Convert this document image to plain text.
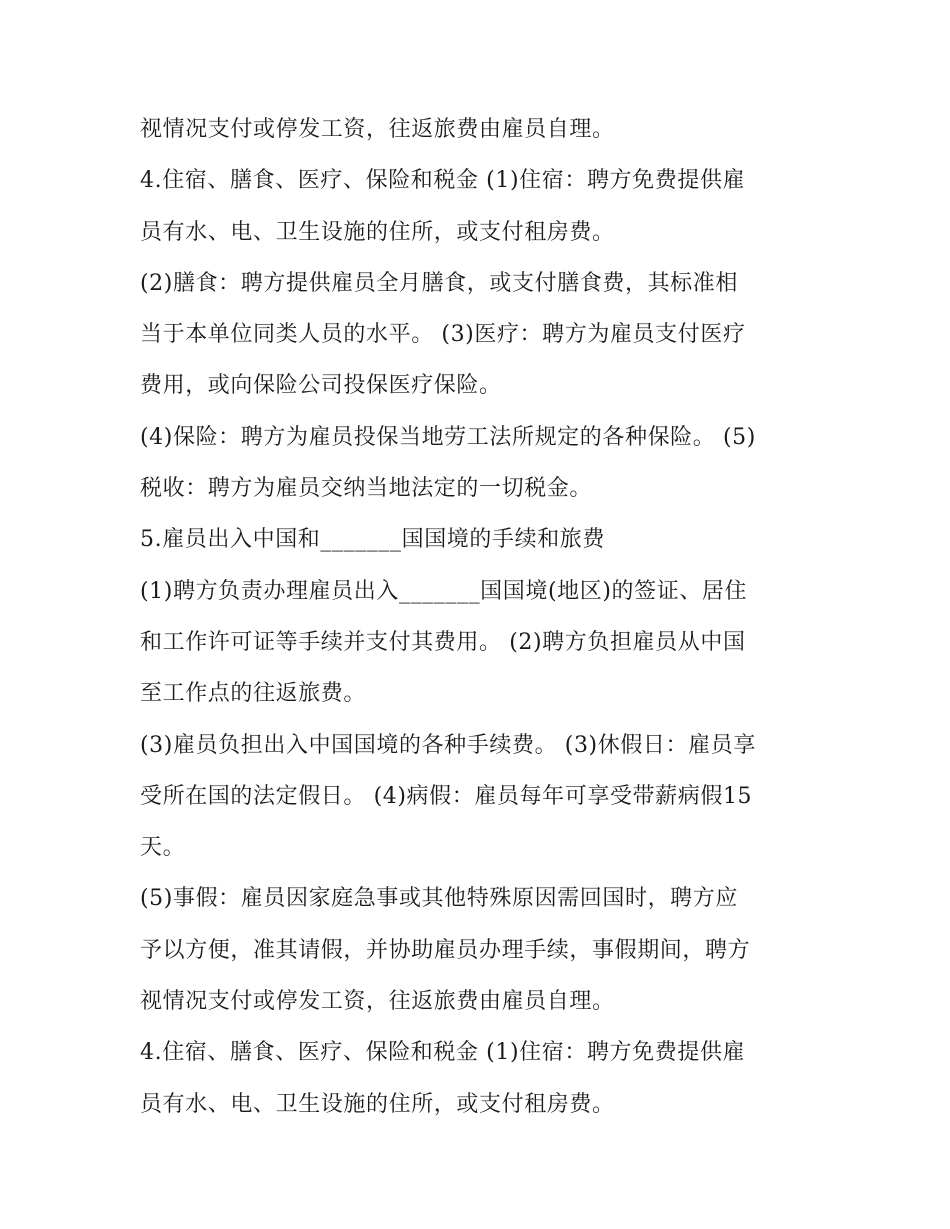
视情况支付或停发工资，往返旅费由雇员自理。

4.住宿、膳食、医疗、保险和税金 (1)住宿：聘方免费提供雇

员有水、电、卫生设施的住所，或支付租房费。

(2)膳食：聘方提供雇员全月膳食，或支付膳食费，其标准相

当于本单位同类人员的水平。 (3)医疗：聘方为雇员支付医疗

费用，或向保险公司投保医疗保险。

(4)保险：聘方为雇员投保当地劳工法所规定的各种保险。 (5)

税收：聘方为雇员交纳当地法定的一切税金。

5.雇员出入中国和_______国国境的手续和旅费

(1)聘方负责办理雇员出入_______国国境(地区)的签证、居住

和工作许可证等手续并支付其费用。 (2)聘方负担雇员从中国

至工作点的往返旅费。

(3)雇员负担出入中国国境的各种手续费。 (3)休假日：雇员享

受所在国的法定假日。 (4)病假：雇员每年可享受带薪病假15

天。

(5)事假：雇员因家庭急事或其他特殊原因需回国时，聘方应

予以方便，准其请假，并协助雇员办理手续，事假期间，聘方

视情况支付或停发工资，往返旅费由雇员自理。

4.住宿、膳食、医疗、保险和税金 (1)住宿：聘方免费提供雇

员有水、电、卫生设施的住所，或支付租房费。
